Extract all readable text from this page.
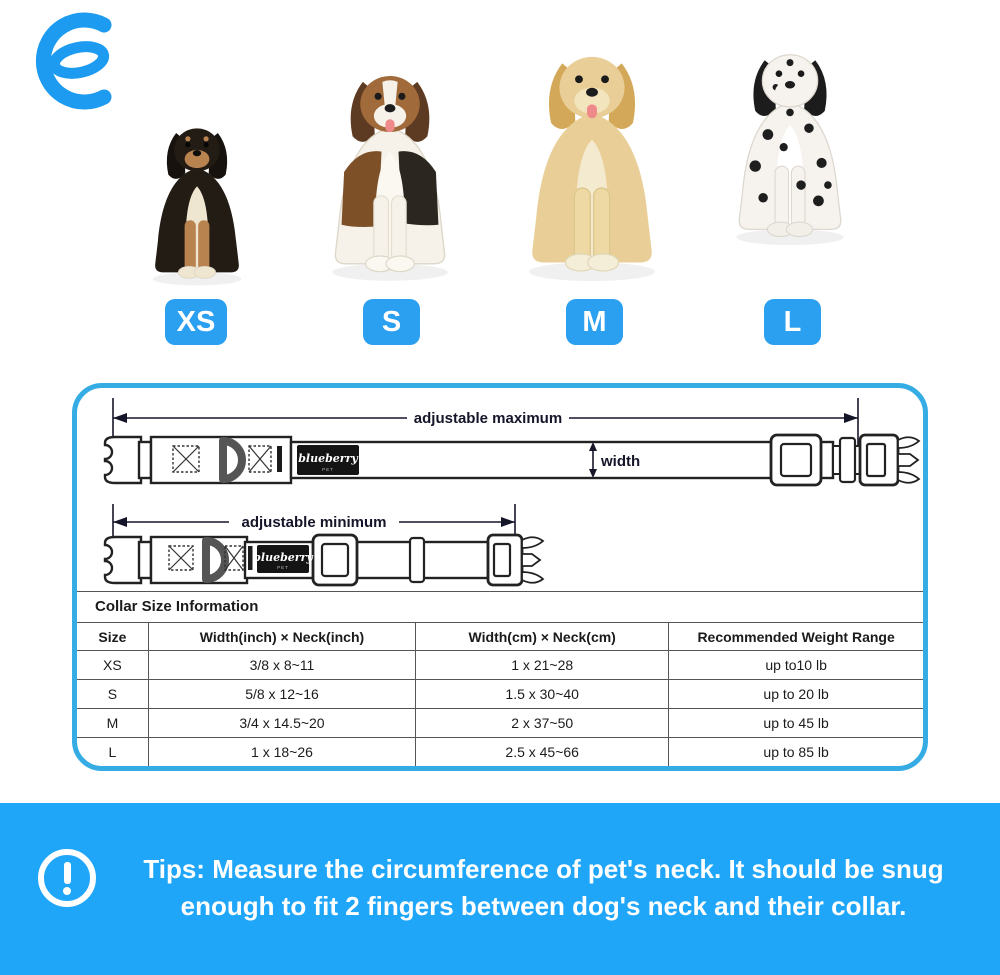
XS	S	M	L
adjustable maximum
blueberry
PET	width
adjustable minimum
blueberry
PET
Collar Size Information
Size	Width(inch) × Neck(inch)	Width(cm) × Neck(cm)	Recommended Weight Range
XS	3/8 x 8~11	1 x 21~28	up to10 lb
S	5/8 x 12~16	1.5 x 30~40	up to 20 lb
M	3/4 x 14.5~20	2 x 37~50	up to 45 lb
L	1 x 18~26	2.5 x 45~66	up to 85 lb
Tips: Measure the circumference of pet's neck. It should be snug
enough to fit 2 fingers between dog's neck and their collar.
